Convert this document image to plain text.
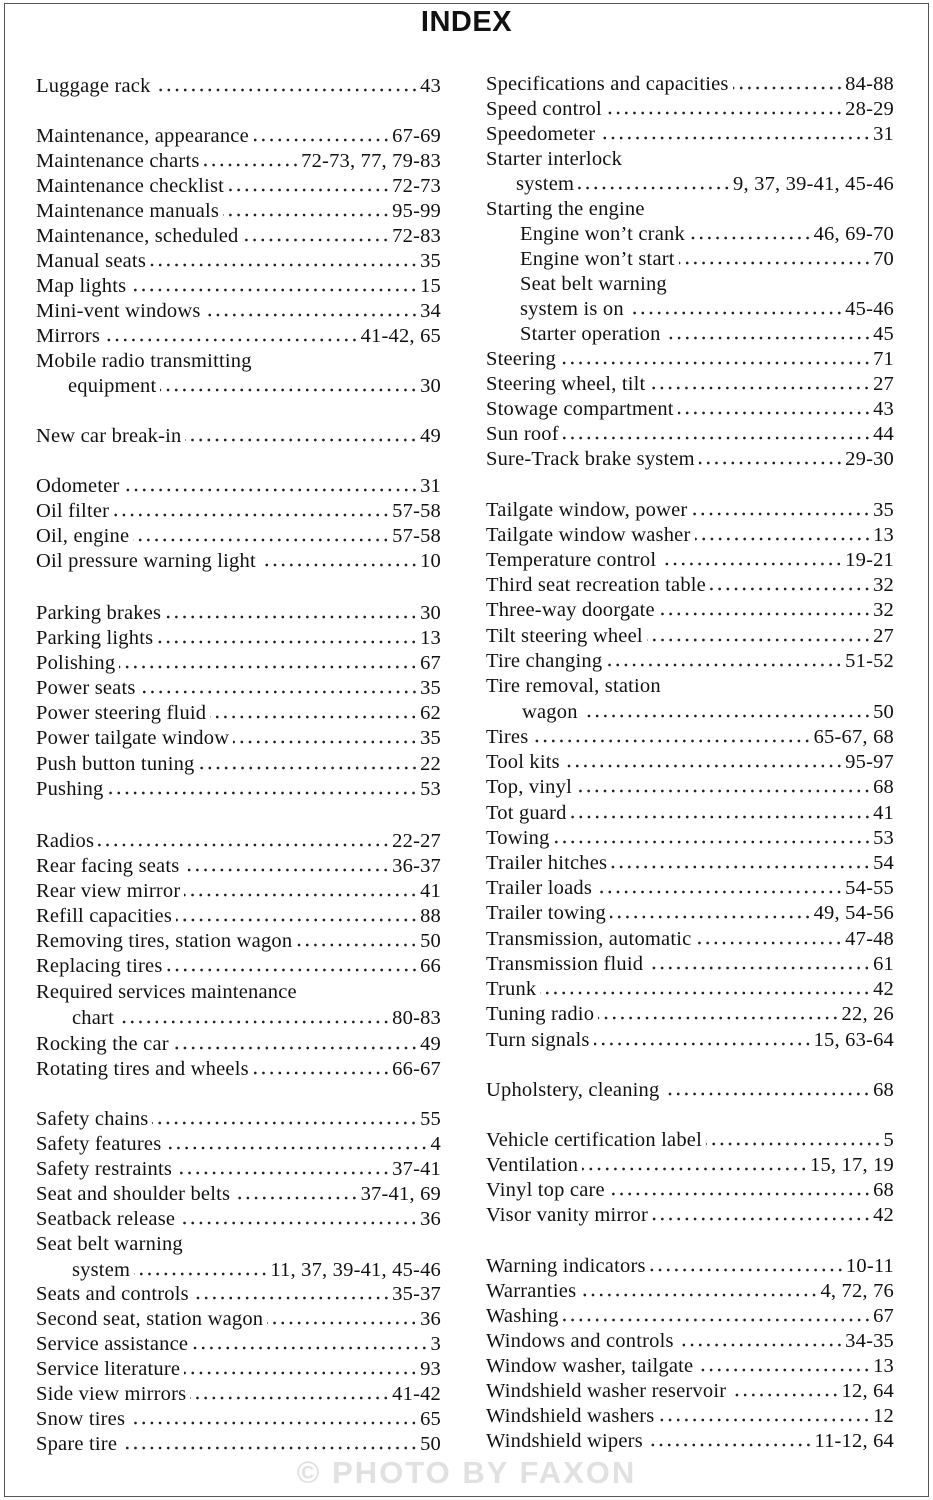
INDEX
Luggage rack	43
Maintenance, appearance	67-69
Maintenance charts	72-73, 77, 79-83
Maintenance checklist	72-73
Maintenance manuals	95-99
Maintenance, scheduled	72-83
Manual seats	35
Map lights	15
Mini-vent windows	34
Mirrors	41-42, 65
Mobile radio transmitting
equipment	30
New car break-in	49
Odometer	31
Oil filter	57-58
Oil, engine	57-58
Oil pressure warning light	10
Parking brakes	30
Parking lights	13
Polishing	67
Power seats	35
Power steering fluid	62
Power tailgate window	35
Push button tuning	22
Pushing	53
Radios	22-27
Rear facing seats	36-37
Rear view mirror	41
Refill capacities	88
Removing tires, station wagon	50
Replacing tires	66
Required services maintenance
chart	80-83
Rocking the car	49
Rotating tires and wheels	66-67
Safety chains	55
Safety features	4
Safety restraints	37-41
Seat and shoulder belts	37-41, 69
Seatback release	36
Seat belt warning
system	11, 37, 39-41, 45-46
Seats and controls	35-37
Second seat, station wagon	36
Service assistance	3
Service literature	93
Side view mirrors	41-42
Snow tires	65
Spare tire	50
Specifications and capacities	84-88
Speed control	28-29
Speedometer	31
Starter interlock
system	9, 37, 39-41, 45-46
Starting the engine
Engine won’t crank	46, 69-70
Engine won’t start	70
Seat belt warning
system is on	45-46
Starter operation	45
Steering	71
Steering wheel, tilt	27
Stowage compartment	43
Sun roof	44
Sure-Track brake system	29-30
Tailgate window, power	35
Tailgate window washer	13
Temperature control	19-21
Third seat recreation table	32
Three-way doorgate	32
Tilt steering wheel	27
Tire changing	51-52
Tire removal, station
wagon	50
Tires	65-67, 68
Tool kits	95-97
Top, vinyl	68
Tot guard	41
Towing	53
Trailer hitches	54
Trailer loads	54-55
Trailer towing	49, 54-56
Transmission, automatic	47-48
Transmission fluid	61
Trunk	42
Tuning radio	22, 26
Turn signals	15, 63-64
Upholstery, cleaning	68
Vehicle certification label	5
Ventilation	15, 17, 19
Vinyl top care	68
Visor vanity mirror	42
Warning indicators	10-11
Warranties	4, 72, 76
Washing	67
Windows and controls	34-35
Window washer, tailgate	13
Windshield washer reservoir	12, 64
Windshield washers	12
Windshield wipers	11-12, 64
© PHOTO BY FAXON
